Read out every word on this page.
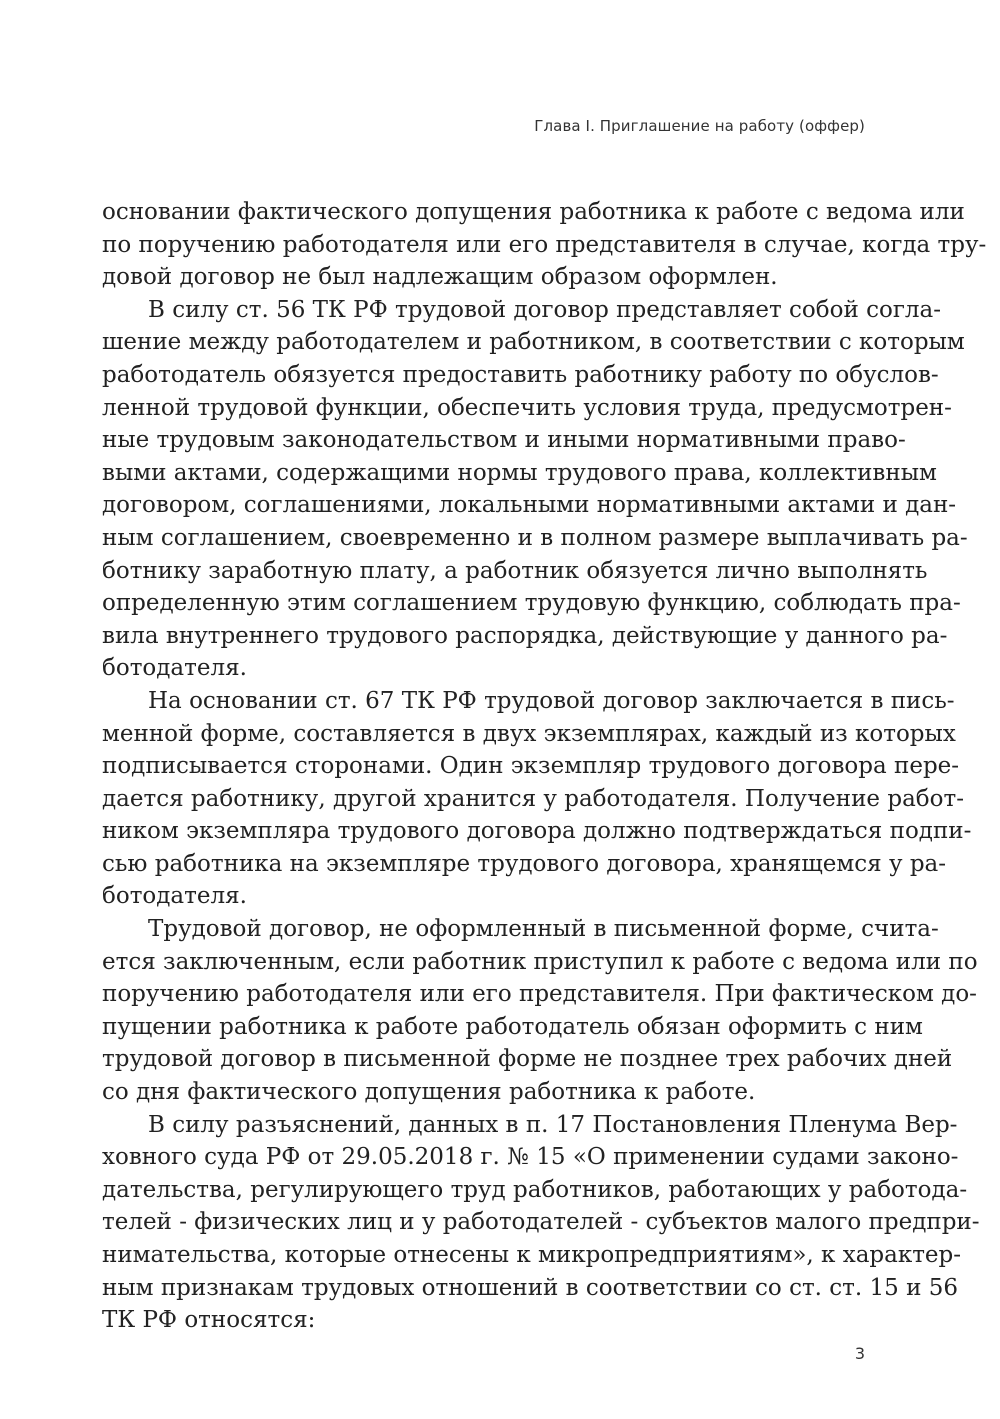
Глава I. Приглашение на работу (оффер)

основании фактического допущения работника к работе с ведома или
по поручению работодателя или его представителя в случае, когда тру-
довой договор не был надлежащим образом оформлен.

В силу ст. 56 ТК РФ трудовой договор представляет собой согла-
шение между работодателем и работником, в соответствии с которым
работодатель обязуется предоставить работнику работу по обуслов-
ленной трудовой функции, обеспечить условия труда, предусмотрен-
ные трудовым законодательством и иными нормативными право-
выми актами, содержащими нормы трудового права, коллективным
договором, соглашениями, локальными нормативными актами и дан-
ным соглашением, своевременно и в полном размере выплачивать ра-
ботнику заработную плату, а работник обязуется лично выполнять
определенную этим соглашением трудовую функцию, соблюдать пра-
вила внутреннего трудового распорядка, действующие у данного ра-
ботодателя.

На основании ст. 67 ТК РФ трудовой договор заключается в пись-
менной форме, составляется в двух экземплярах, каждый из которых
подписывается сторонами. Один экземпляр трудового договора пере-
дается работнику, другой хранится у работодателя. Получение работ-
ником экземпляра трудового договора должно подтверждаться подпи-
сью работника на экземпляре трудового договора, хранящемся у ра-
ботодателя.

Трудовой договор, не оформленный в письменной форме, счита-
ется заключенным, если работник приступил к работе с ведома или по
поручению работодателя или его представителя. При фактическом до-
пущении работника к работе работодатель обязан оформить с ним
трудовой договор в письменной форме не позднее трех рабочих дней
со дня фактического допущения работника к работе.

В силу разъяснений, данных в п. 17 Постановления Пленума Вер-
ховного суда РФ от 29.05.2018 г. № 15 «О применении судами законо-
дательства, регулирующего труд работников, работающих у работода-
телей - физических лиц и у работодателей - субъектов малого предпри-
нимательства, которые отнесены к микропредприятиям», к характер-
ным признакам трудовых отношений в соответствии со ст. ст. 15 и 56
ТК РФ относятся:

3
